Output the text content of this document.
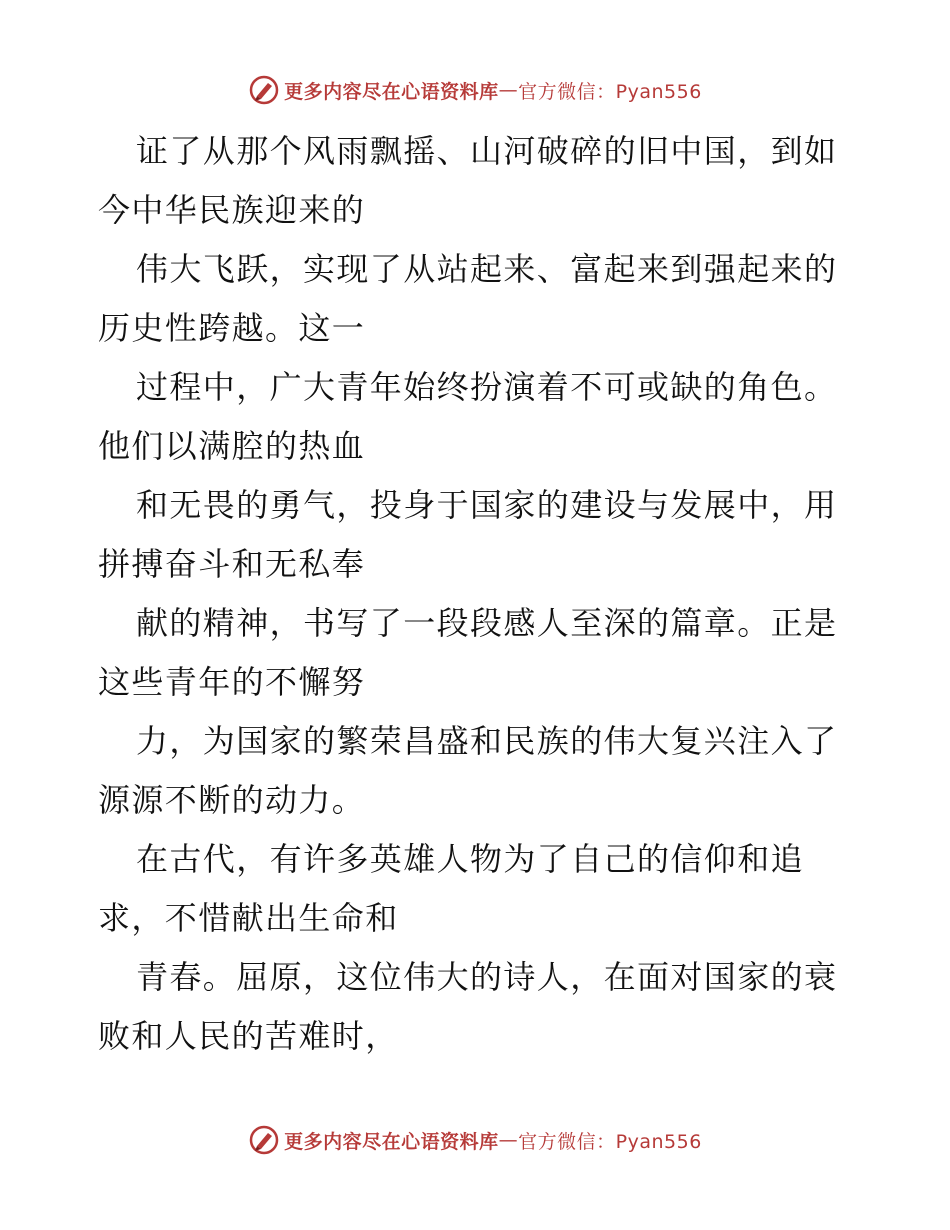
更多内容尽在心语资料库 — 官方微信：Pyan556
证了从那个风雨飘摇、山河破碎的旧中国，到如
今中华民族迎来的
伟大飞跃，实现了从站起来、富起来到强起来的
历史性跨越。这一
过程中，广大青年始终扮演着不可或缺的角色。
他们以满腔的热血
和无畏的勇气，投身于国家的建设与发展中，用
拼搏奋斗和无私奉
献的精神，书写了一段段感人至深的篇章。正是
这些青年的不懈努
力，为国家的繁荣昌盛和民族的伟大复兴注入了
源源不断的动力。
在古代，有许多英雄人物为了自己的信仰和追
求，不惜献出生命和
青春。屈原，这位伟大的诗人，在面对国家的衰
败和人民的苦难时，
更多内容尽在心语资料库 — 官方微信：Pyan556
